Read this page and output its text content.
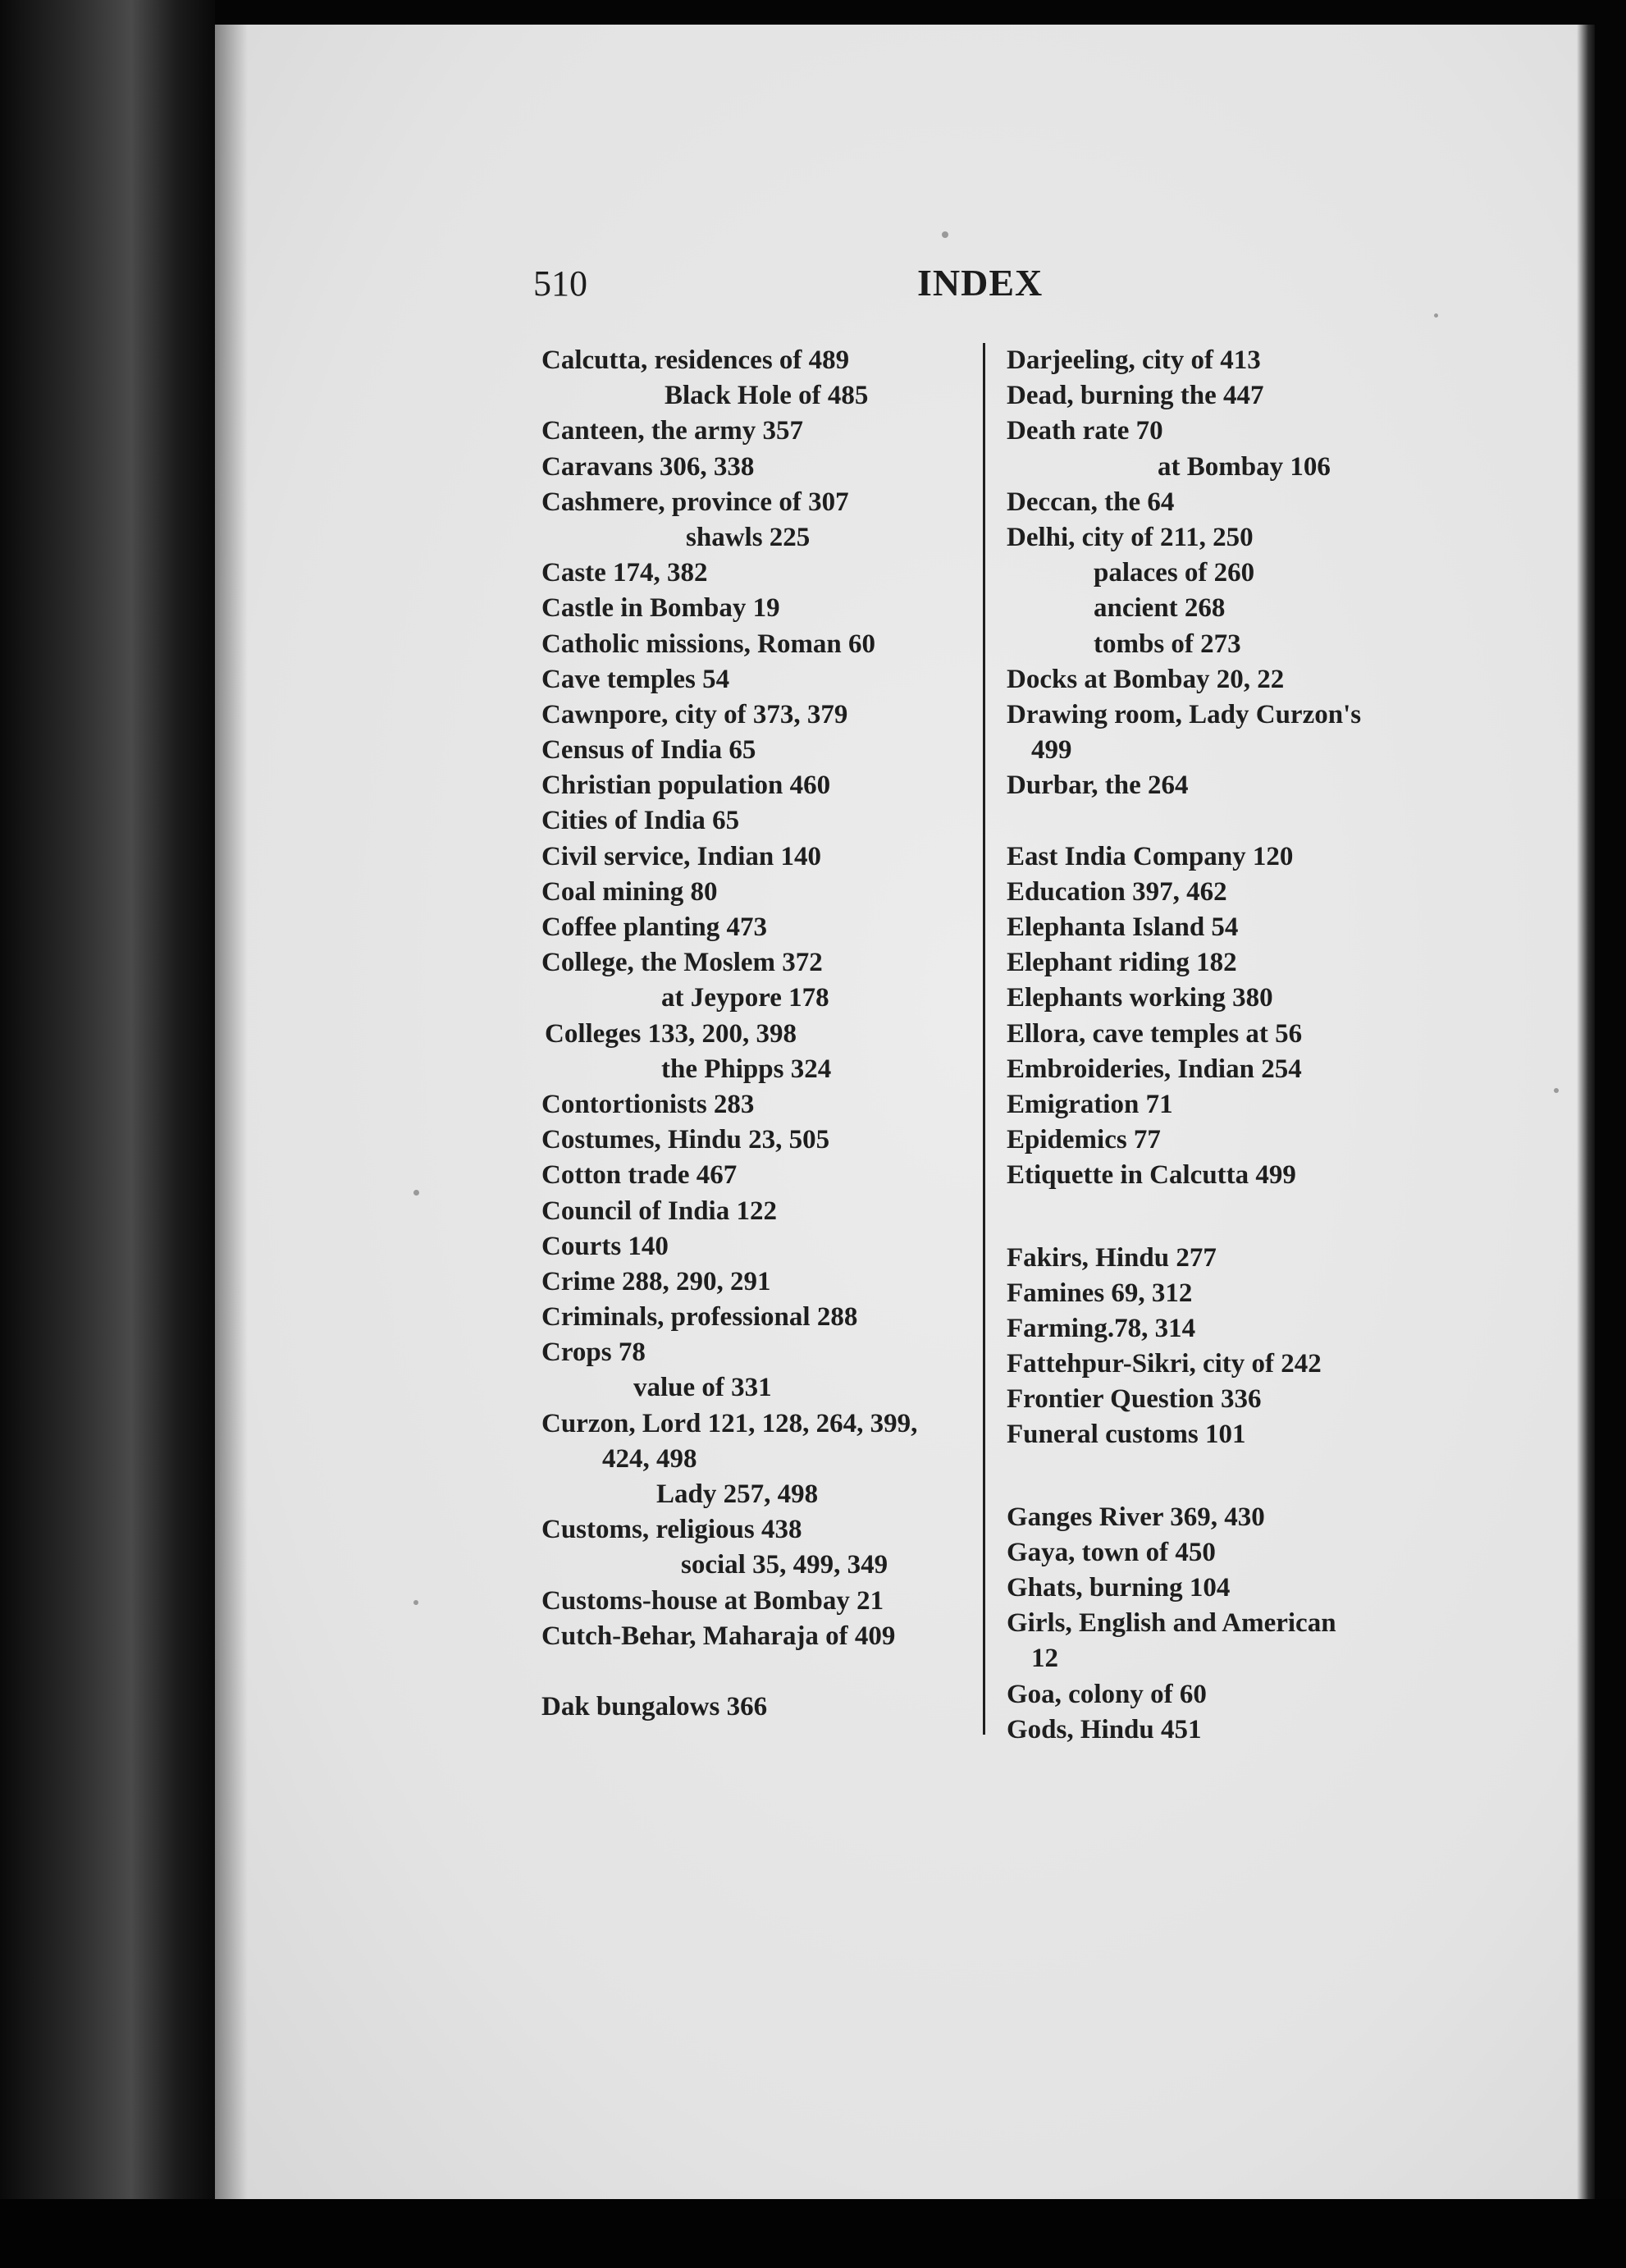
510	INDEX
Calcutta, residences of 489
Black Hole of 485
Canteen, the army 357
Caravans 306, 338
Cashmere, province of 307
shawls 225
Caste 174, 382
Castle in Bombay 19
Catholic missions, Roman 60
Cave temples 54
Cawnpore, city of 373, 379
Census of India 65
Christian population 460
Cities of India 65
Civil service, Indian 140
Coal mining 80
Coffee planting 473
College, the Moslem 372
at Jeypore 178
Colleges 133, 200, 398
the Phipps 324
Contortionists 283
Costumes, Hindu 23, 505
Cotton trade 467
Council of India 122
Courts 140
Crime 288, 290, 291
Criminals, professional 288
Crops 78
value of 331
Curzon, Lord 121, 128, 264, 399,
424, 498
Lady 257, 498
Customs, religious 438
social 35, 499, 349
Customs-house at Bombay 21
Cutch-Behar, Maharaja of 409
Dak bungalows 366
Darjeeling, city of 413
Dead, burning the 447
Death rate 70
at Bombay 106
Deccan, the 64
Delhi, city of 211, 250
palaces of 260
ancient 268
tombs of 273
Docks at Bombay 20, 22
Drawing room, Lady Curzon's
499
Durbar, the 264
East India Company 120
Education 397, 462
Elephanta Island 54
Elephant riding 182
Elephants working 380
Ellora, cave temples at 56
Embroideries, Indian 254
Emigration 71
Epidemics 77
Etiquette in Calcutta 499
Fakirs, Hindu 277
Famines 69, 312
Farming.78, 314
Fattehpur-Sikri, city of 242
Frontier Question 336
Funeral customs 101
Ganges River 369, 430
Gaya, town of 450
Ghats, burning 104
Girls, English and American
12
Goa, colony of 60
Gods, Hindu 451
